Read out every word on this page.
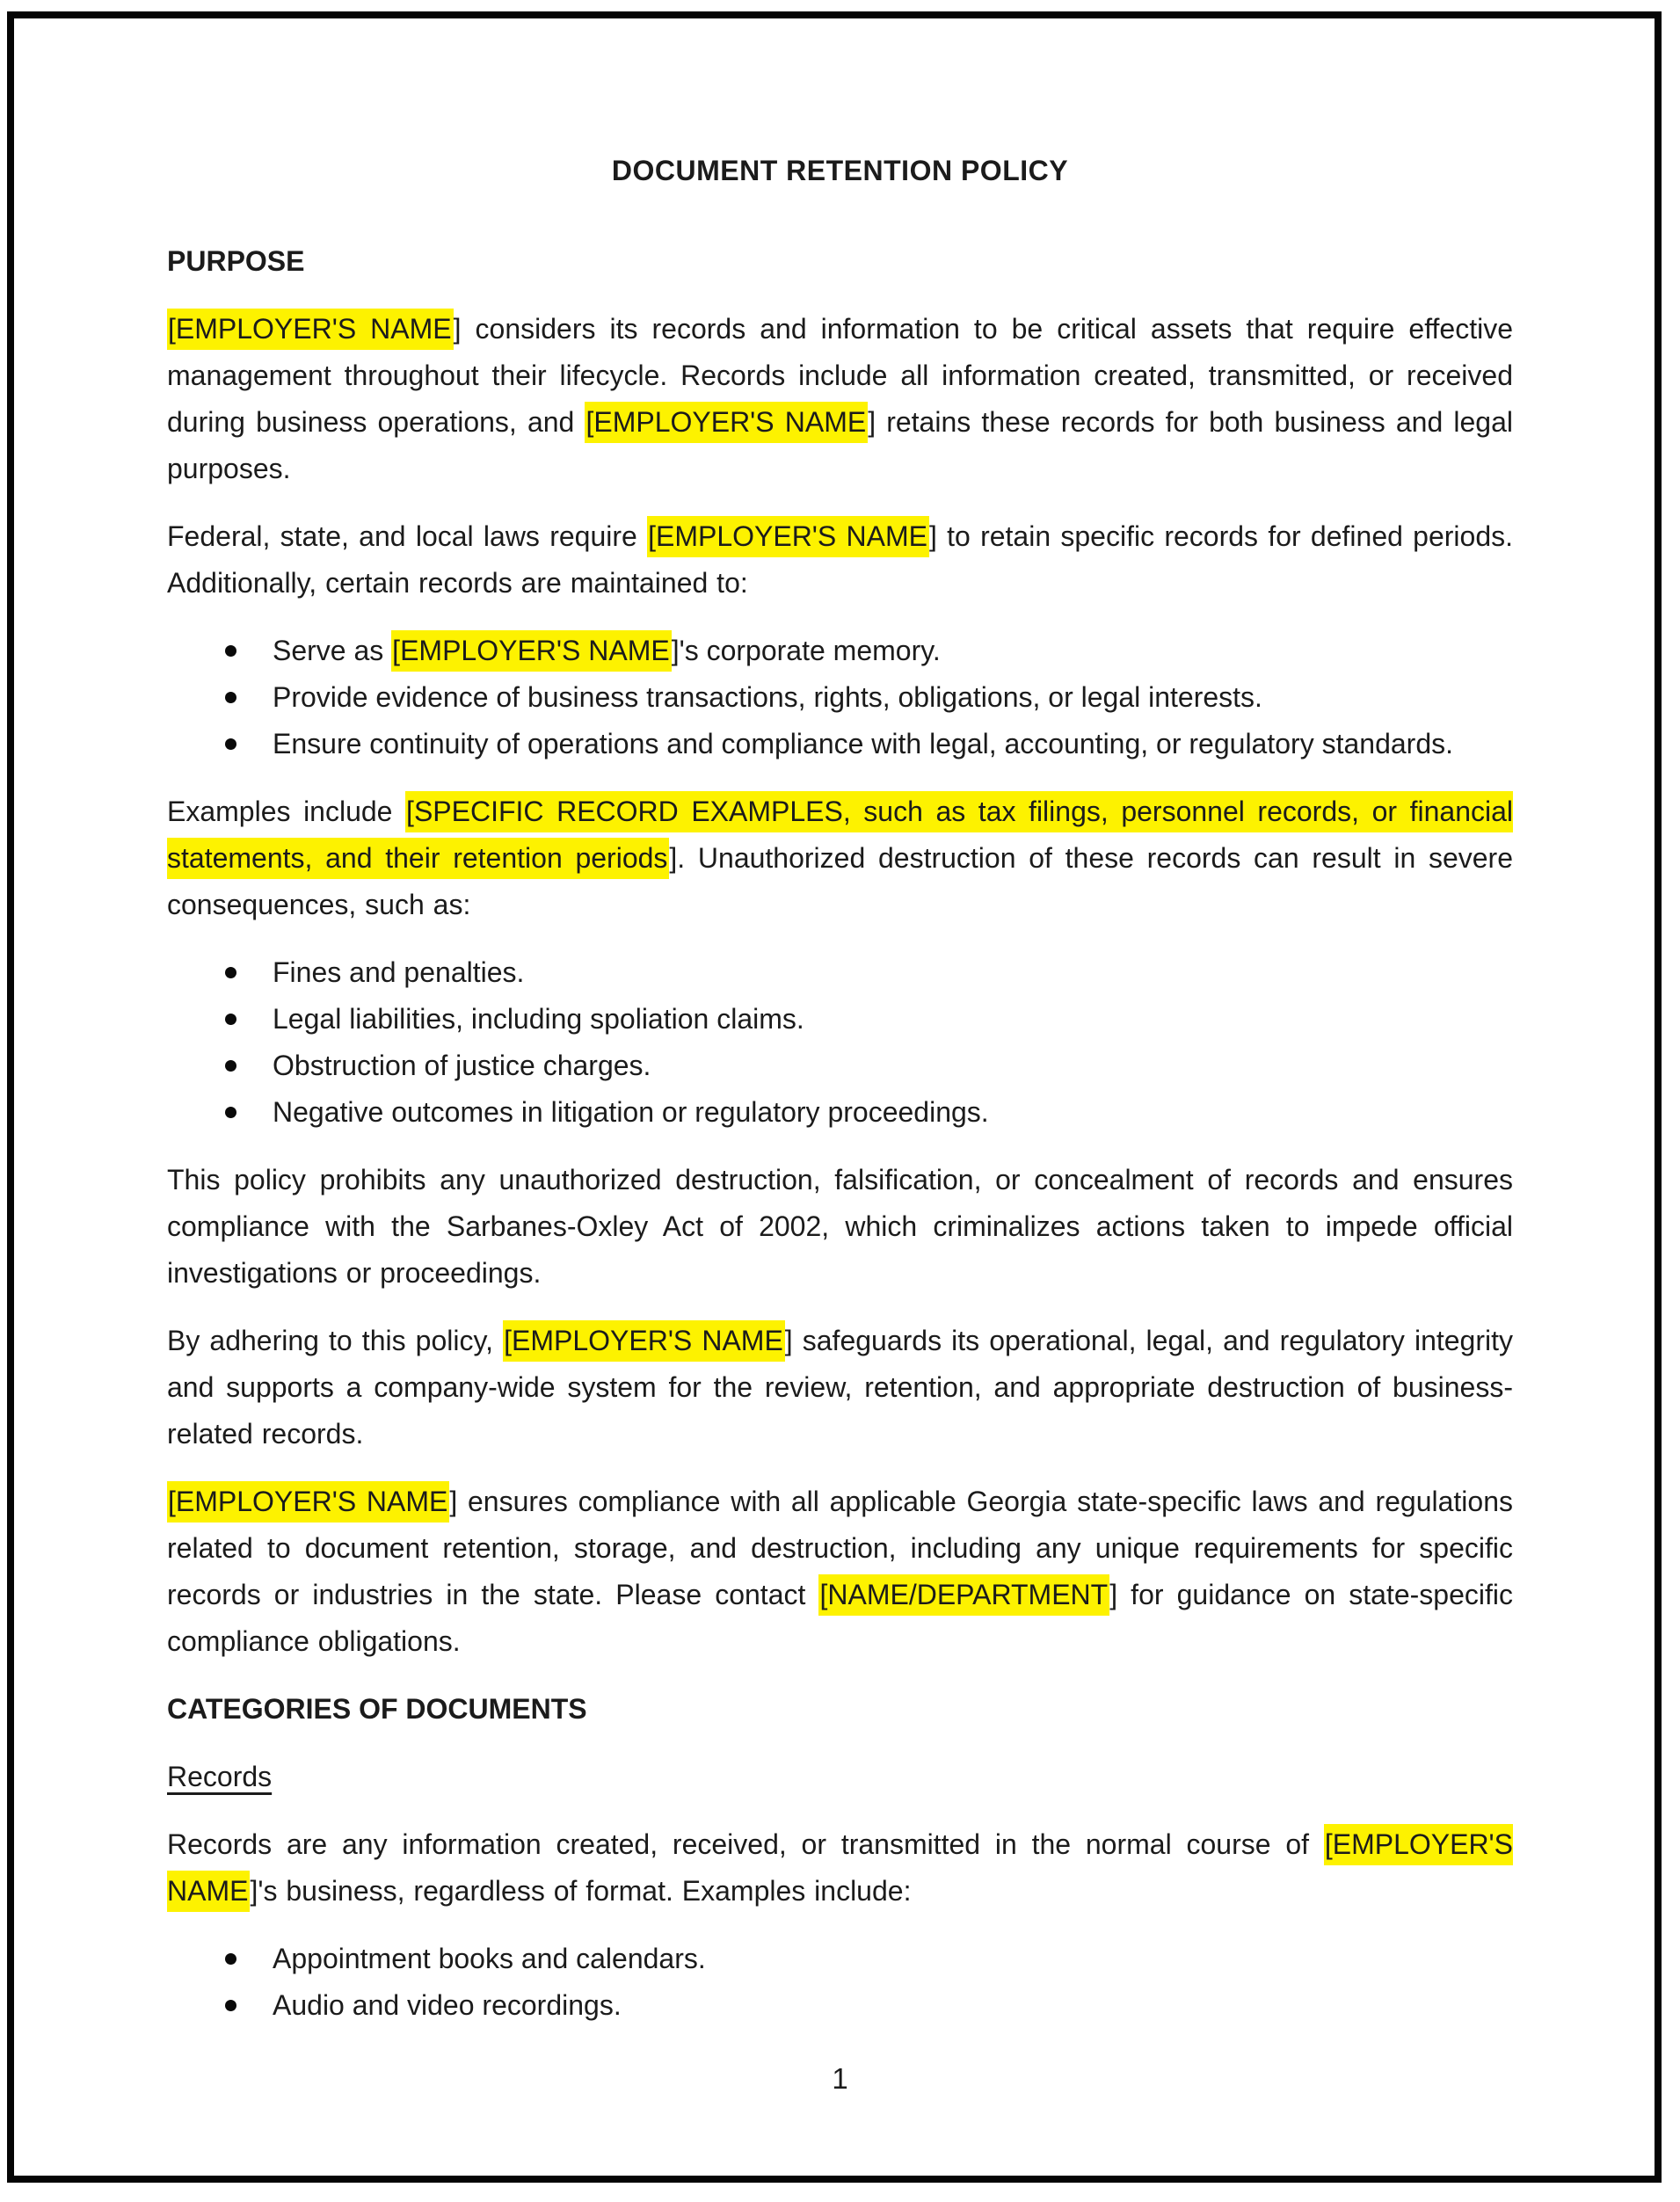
DOCUMENT RETENTION POLICY
PURPOSE

[EMPLOYER'S NAME] considers its records and information to be critical assets that require effective management throughout their lifecycle. Records include all information created, transmitted, or received during business operations, and [EMPLOYER'S NAME] retains these records for both business and legal purposes.

Federal, state, and local laws require [EMPLOYER'S NAME] to retain specific records for defined periods. Additionally, certain records are maintained to:

Serve as [EMPLOYER'S NAME]'s corporate memory.
Provide evidence of business transactions, rights, obligations, or legal interests.
Ensure continuity of operations and compliance with legal, accounting, or regulatory standards.

Examples include [SPECIFIC RECORD EXAMPLES, such as tax filings, personnel records, or financial statements, and their retention periods]. Unauthorized destruction of these records can result in severe consequences, such as:

Fines and penalties.
Legal liabilities, including spoliation claims.
Obstruction of justice charges.
Negative outcomes in litigation or regulatory proceedings.

This policy prohibits any unauthorized destruction, falsification, or concealment of records and ensures compliance with the Sarbanes-Oxley Act of 2002, which criminalizes actions taken to impede official investigations or proceedings.

By adhering to this policy, [EMPLOYER'S NAME] safeguards its operational, legal, and regulatory integrity and supports a company-wide system for the review, retention, and appropriate destruction of business-related records.

[EMPLOYER'S NAME] ensures compliance with all applicable Georgia state-specific laws and regulations related to document retention, storage, and destruction, including any unique requirements for specific records or industries in the state. Please contact [NAME/DEPARTMENT] for guidance on state-specific compliance obligations.

CATEGORIES OF DOCUMENTS
Records

Records are any information created, received, or transmitted in the normal course of [EMPLOYER'S NAME]'s business, regardless of format. Examples include:

Appointment books and calendars.
Audio and video recordings.
1
